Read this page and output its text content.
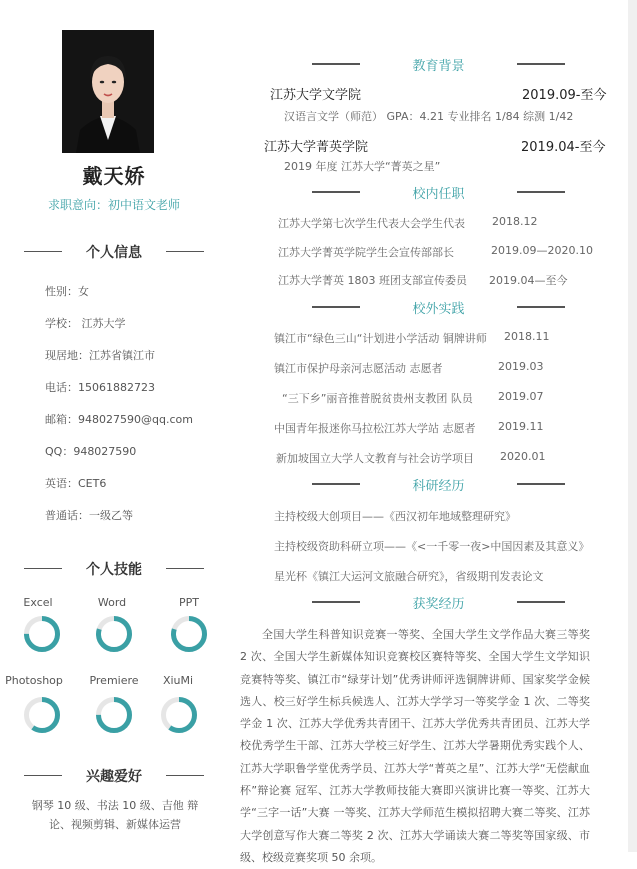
戴天娇
求职意向：初中语文老师
个人信息
性别：女
学校： 江苏大学
现居地：江苏省镇江市
电话：15061882723
邮箱：948027590@qq.com
QQ：948027590
英语：CET6
普通话：一级乙等
个人技能
Excel	Word	PPT
Photoshop	Premiere	XiuMi
兴趣爱好
钢琴 10 级、书法 10 级、吉他 辩论、视频剪辑、新媒体运营
教育背景
江苏大学文学院	2019.09-至今
汉语言文学（师范） GPA：4.21 专业排名 1/84 综测 1/42
江苏大学菁英学院	2019.04-至今
2019 年度 江苏大学“菁英之星”
校内任职
江苏大学第七次学生代表大会学生代表 2018.12
江苏大学菁英学院学生会宣传部部长	2019.09—2020.10
江苏大学菁英 1803 班团支部宣传委员 2019.04—至今
校外实践
镇江市“绿色三山“计划进小学活动 铜牌讲师 2018.11
镇江市保护母亲河志愿活动 志愿者	2019.03
“三下乡”丽音推普脱贫贵州支教团 队员 2019.07
中国青年报迷你马拉松江苏大学站 志愿者 2019.11
新加坡国立大学人文教育与社会访学项目 2020.01
科研经历
主持校级大创项目——《西汉初年地域整理研究》
主持校级资助科研立项——《<一千零一夜>中国因素及其意义》
星光杯《镇江大运河文旅融合研究》，省级期刊发表论文
获奖经历
全国大学生科普知识竞赛一等奖、全国大学生文学作品大赛三等奖 2 次、全国大学生新媒体知识竞赛校区赛特等奖、全国大学生文学知识竞赛特等奖、镇江市“绿芽计划”优秀讲师评选铜牌讲师、国家奖学金候选人、校三好学生标兵候选人、江苏大学学习一等奖学金 1 次、二等奖学金 1 次、江苏大学优秀共青团干、江苏大学优秀共青团员、江苏大学校优秀学生干部、江苏大学校三好学生、江苏大学暑期优秀实践个人、江苏大学职鲁学堂优秀学员、江苏大学“菁英之星”、江苏大学“无偿献血杯”辩论赛 冠军、江苏大学教师技能大赛即兴演讲比赛一等奖、江苏大学“三字一话”大赛 一等奖、江苏大学师范生模拟招聘大赛二等奖、江苏大学创意写作大赛二等奖 2 次、江苏大学诵读大赛二等奖等国家级、市级、校级竞赛奖项 50 余项。
